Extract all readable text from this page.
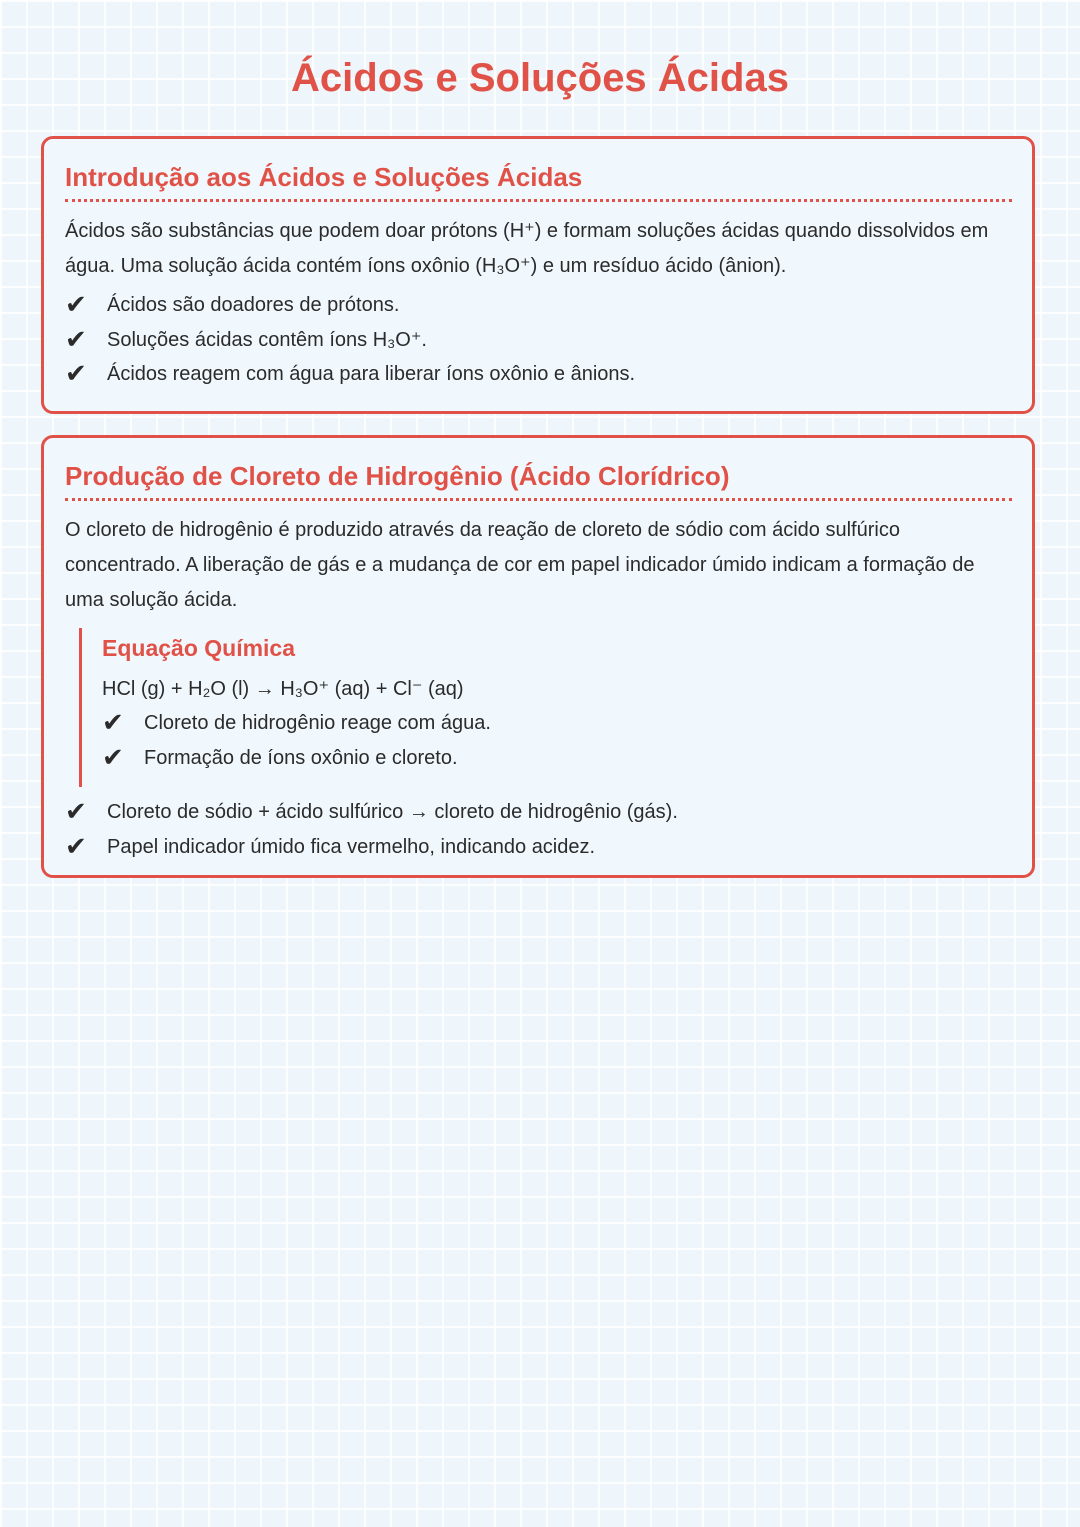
Ácidos e Soluções Ácidas
Introdução aos Ácidos e Soluções Ácidas

Ácidos são substâncias que podem doar prótons (H⁺) e formam soluções ácidas quando dissolvidos em água. Uma solução ácida contém íons oxônio (H₃O⁺) e um resíduo ácido (ânion).

✔	Ácidos são doadores de prótons.
✔	Soluções ácidas contêm íons H₃O⁺.
✔	Ácidos reagem com água para liberar íons oxônio e ânions.
Produção de Cloreto de Hidrogênio (Ácido Clorídrico)

O cloreto de hidrogênio é produzido através da reação de cloreto de sódio com ácido sulfúrico concentrado. A liberação de gás e a mudança de cor em papel indicador úmido indicam a formação de uma solução ácida.

Equação Química
HCl (g) + H₂O (l) → H₃O⁺ (aq) + Cl⁻ (aq)
✔	Cloreto de hidrogênio reage com água.
✔	Formação de íons oxônio e cloreto.
✔	Cloreto de sódio + ácido sulfúrico → cloreto de hidrogênio (gás).
✔	Papel indicador úmido fica vermelho, indicando acidez.
